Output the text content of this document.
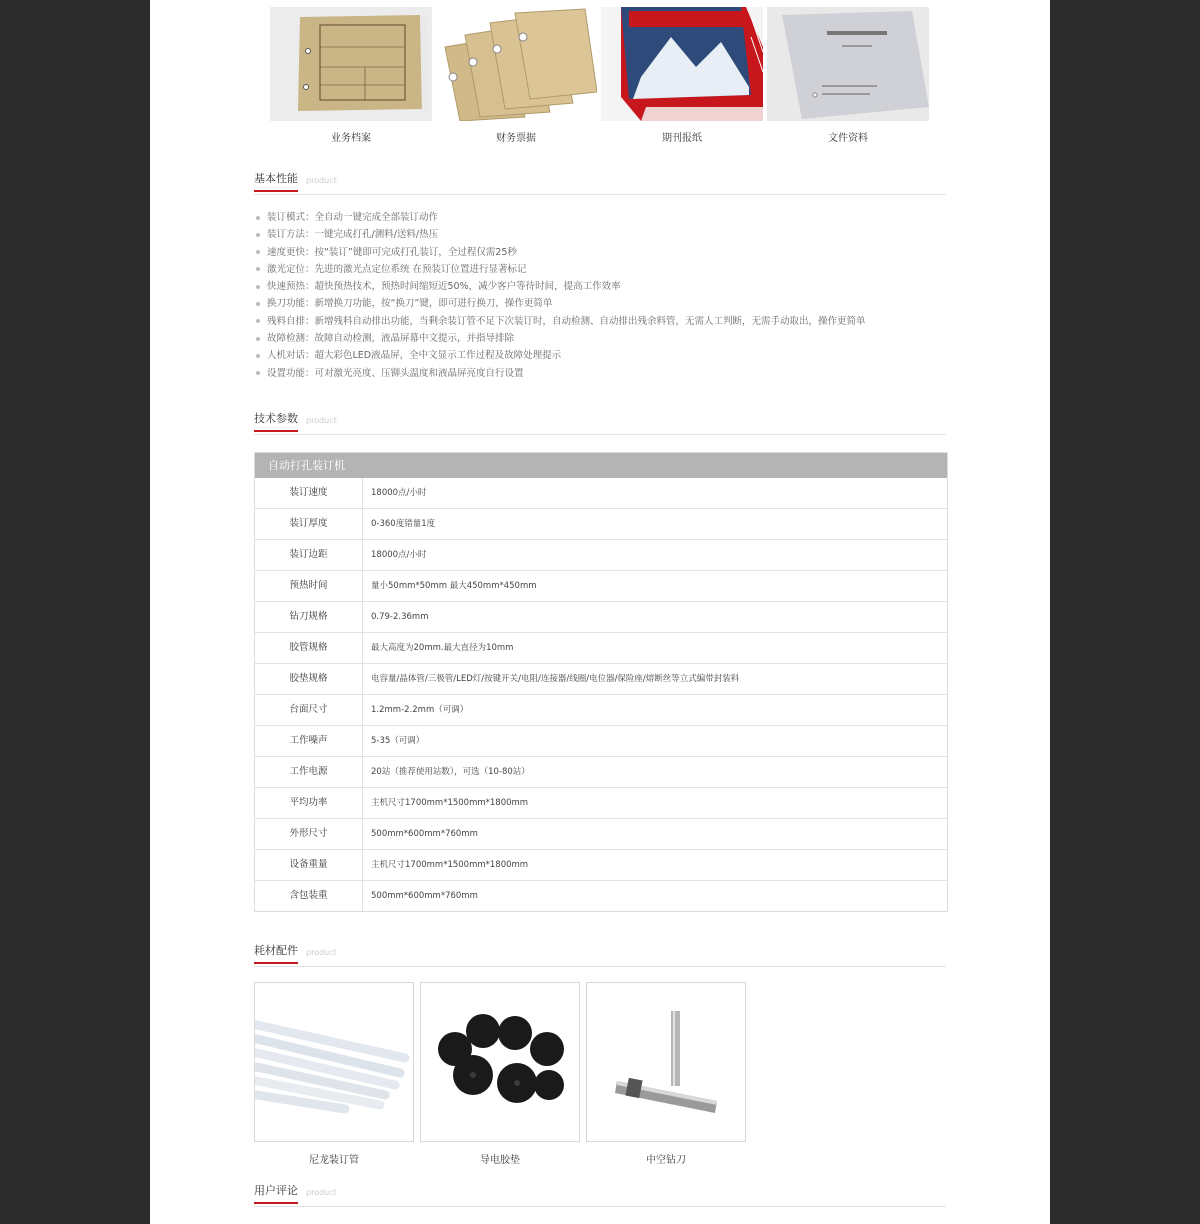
业务档案	财务票据	期刊报纸	文件资料
基本性能 product
装订模式：全自动一键完成全部装订动作
装订方法：一键完成打孔/测料/送料/热压
速度更快：按“装订”键即可完成打孔装订，全过程仅需25秒
激光定位：先进的激光点定位系统 在预装订位置进行显著标记
快速预热：超快预热技术，预热时间缩短近50%，减少客户等待时间，提高工作效率
换刀功能：新增换刀功能，按“换刀”键，即可进行换刀，操作更简单
残料自排：新增残料自动排出功能，当剩余装订管不足下次装订时，自动检测、自动排出残余料管，无需人工判断，无需手动取出，操作更简单
故障检测：故障自动检测，液晶屏幕中文提示，并指导排除
人机对话：超大彩色LED液晶屏，全中文显示工作过程及故障处理提示
设置功能：可对激光亮度、压铆头温度和液晶屏亮度自行设置
技术参数 product
自动打孔装订机
装订速度	18000点/小时
装订厚度	0-360度错量1度
装订边距	18000点/小时
预热时间	量小50mm*50mm 最大450mm*450mm
钻刀规格	0.79-2.36mm
胶管规格	最大高度为20mm.最大直径为10mm
胶垫规格	电容量/晶体管/三极管/LED灯/按键开关/电阻/连接器/线圈/电位器/保险座/熔断丝等立式编带封装料
台面尺寸	1.2mm-2.2mm（可调）
工作噪声	5-35（可调）
工作电源	20站（推荐使用站数），可选（10-80站）
平均功率	主机尺寸1700mm*1500mm*1800mm
外形尺寸	500mm*600mm*760mm
设备重量	主机尺寸1700mm*1500mm*1800mm
含包装重	500mm*600mm*760mm
耗材配件 product
尼龙装订管	导电胶垫	中空钻刀
用户评论 product
